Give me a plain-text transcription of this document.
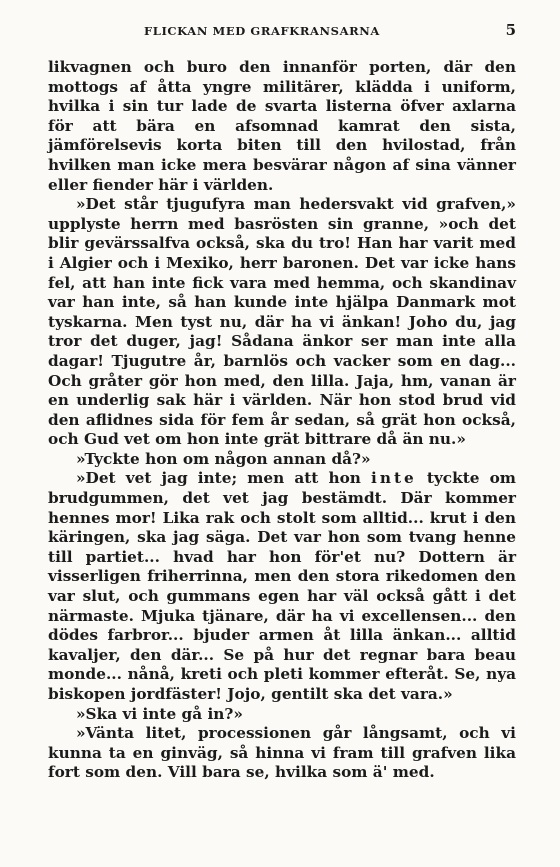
FLICKAN MED GRAFKRANSARNA	5

likvagnen och buro den innanför porten, där den mottogs af åtta yngre militärer, klädda i uniform, hvilka i sin tur lade de svarta listerna öfver axlarna för att bära en afsomnad kamrat den sista, jämförelsevis korta biten till den hvilostad, från hvilken man icke mera besvärar någon af sina vänner eller fiender här i världen.

»Det står tjugufyra man hedersvakt vid grafven,» upplyste herrn med basrösten sin granne, »och det blir gevärssalfva också, ska du tro! Han har varit med i Algier och i Mexiko, herr baronen. Det var icke hans fel, att han inte fick vara med hemma, och skandinav var han inte, så han kunde inte hjälpa Danmark mot tyskarna. Men tyst nu, där ha vi änkan! Joho du, jag tror det duger, jag! Sådana änkor ser man inte alla dagar! Tjugutre år, barnlös och vacker som en dag... Och gråter gör hon med, den lilla. Jaja, hm, vanan är en underlig sak här i världen. När hon stod brud vid den aflidnes sida för fem år sedan, så grät hon också, och Gud vet om hon inte grät bittrare då än nu.»

»Tyckte hon om någon annan då?»

»Det vet jag inte; men att hon inte tyckte om brudgummen, det vet jag bestämdt. Där kommer hennes mor! Lika rak och stolt som alltid... krut i den käringen, ska jag säga. Det var hon som tvang henne till partiet... hvad har hon för'et nu? Dottern är visserligen friherrinna, men den stora rikedomen den var slut, och gummans egen har väl också gått i det närmaste. Mjuka tjänare, där ha vi excellensen... den dödes farbror... bjuder armen åt lilla änkan... alltid kavaljer, den där... Se på hur det regnar bara beau monde... nånå, kreti och pleti kommer efteråt. Se, nya biskopen jordfäster! Jojo, gentilt ska det vara.»

»Ska vi inte gå in?»

»Vänta litet, processionen går långsamt, och vi kunna ta en ginväg, så hinna vi fram till grafven lika fort som den. Vill bara se, hvilka som ä' med.
